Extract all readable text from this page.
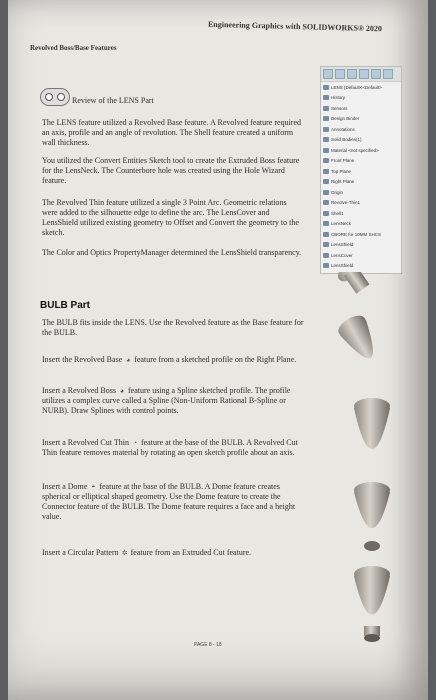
Engineering Graphics with SOLIDWORKS® 2020
Revolved Boss/Base Features
Review of the LENS Part
The LENS feature utilized a Revolved Base feature. A Revolved feature required an axis, profile and an angle of revolution. The Shell feature created a uniform wall thickness.
You utilized the Convert Entities Sketch tool to create the Extruded Boss feature for the LensNeck. The Counterbore hole was created using the Hole Wizard feature.
The Revolved Thin feature utilized a single 3 Point Arc. Geometric relations were added to the silhouette edge to define the arc. The LensCover and LensShield utilized existing geometry to Offset and Convert the geometry to the sketch.
The Color and Optics PropertyManager determined the LensShield transparency.
BULB Part
The BULB fits inside the LENS. Use the Revolved feature as the Base feature for the BULB.
Insert the Revolved Base ◕ feature from a sketched profile on the Right Plane.
Insert a Revolved Boss ◕ feature using a Spline sketched profile. The profile utilizes a complex curve called a Spline (Non-Uniform Rational B-Spline or NURB). Draw Splines with control points.
Insert a Revolved Cut Thin ◔ feature at the base of the BULB. A Revolved Cut Thin feature removes material by rotating an open sketch profile about an axis.
Insert a Dome ◓ feature at the base of the BULB. A Dome feature creates spherical or elliptical shaped geometry. Use the Dome feature to create the Connector feature of the BULB. The Dome feature requires a face and a height value.
Insert a Circular Pattern ✲ feature from an Extruded Cut feature.
PAGE 8 - 18
LENS (Default<<Default>
History
Sensors
Design Binder
Annotations
Solid Bodies(1)
Material <not specified>
Front Plane
Top Plane
Right Plane
Origin
Revolve-Thin1
Shell1
LensNeck
CBORE for 10MM SHCS
LensShield
LensCover
LensShield
